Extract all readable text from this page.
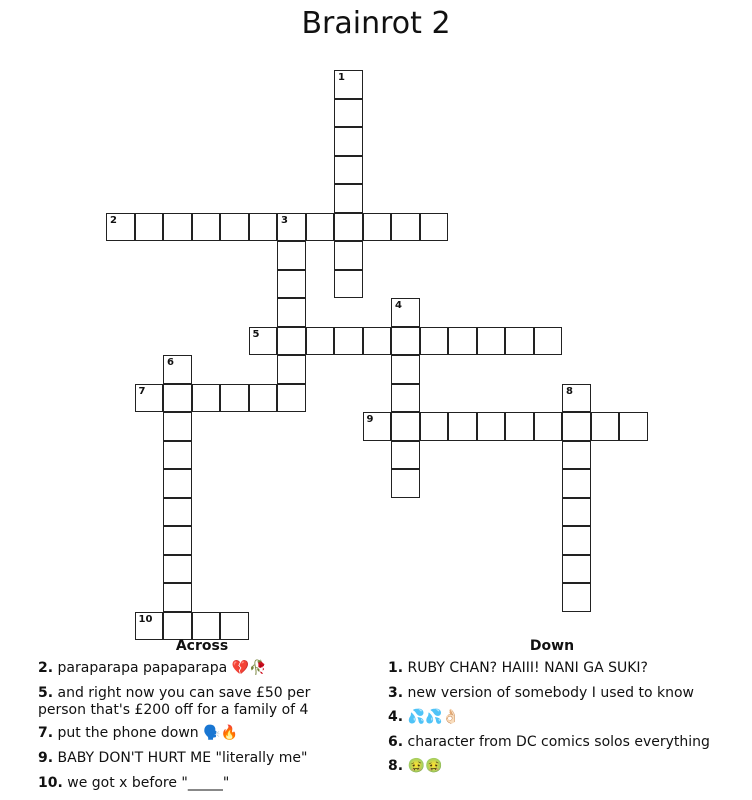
Brainrot 2
1
2	3
4
5
6
7	8
9
10
Across	Down
2. paraparapa papaparapa 💔🥀
5. and right now you can save £50 per person that's £200 off for a family of 4
7. put the phone down 🗣️🔥
9. BABY DON'T HURT ME "literally me"
10. we got x before "_____"
1. RUBY CHAN? HAIII! NANI GA SUKI?
3. new version of somebody I used to know
4. 💦💦👌🏻
6. character from DC comics solos everything
8. 🤢🤢
